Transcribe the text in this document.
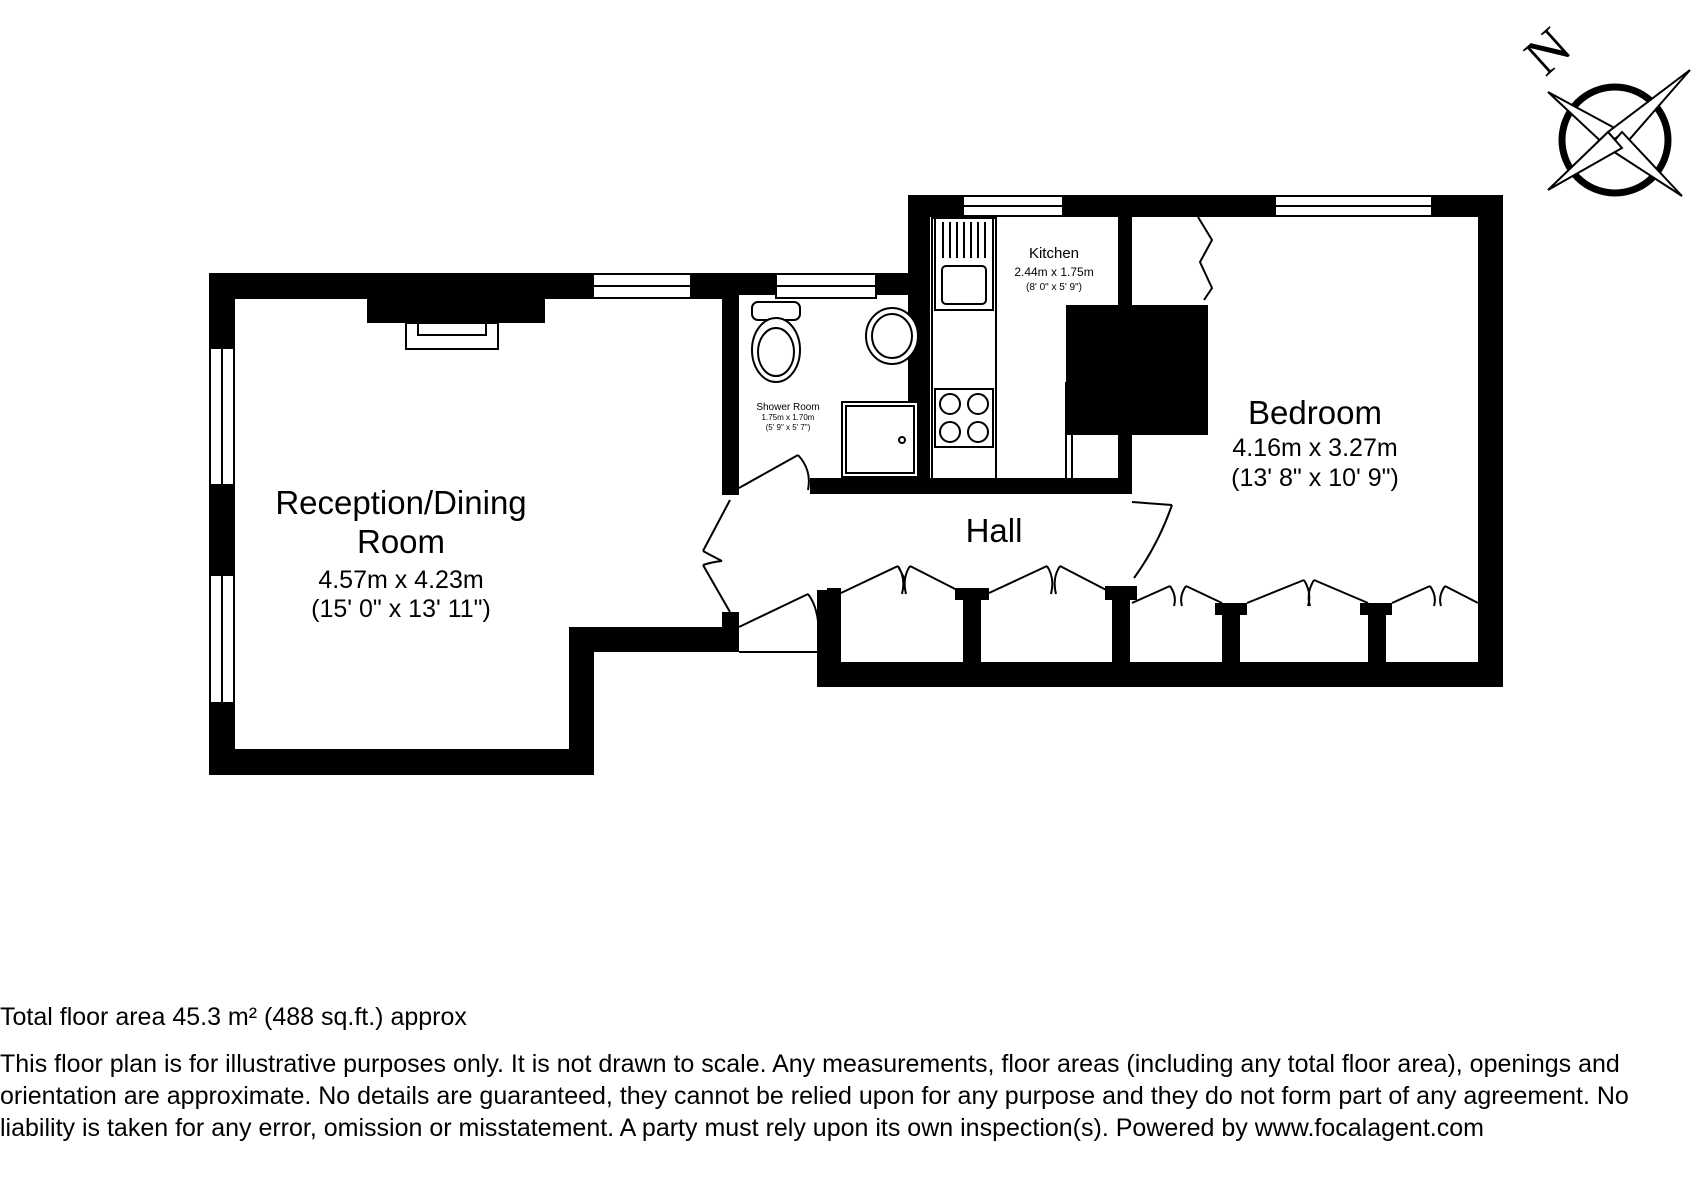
N
Reception/Dining
Room
4.57m x 4.23m
(15' 0" x 13' 11")
Shower Room
1.75m x 1.70m
(5' 9" x 5' 7")
Kitchen
2.44m x 1.75m
(8' 0" x 5' 9")
Bedroom
4.16m x 3.27m
(13' 8" x 10' 9")
Hall
Total floor area 45.3 m² (488 sq.ft.) approx
This floor plan is for illustrative purposes only. It is not drawn to scale. Any measurements, floor areas (including any total floor area), openings and orientation are approximate. No details are guaranteed, they cannot be relied upon for any purpose and they do not form part of any agreement. No liability is taken for any error, omission or misstatement. A party must rely upon its own inspection(s). Powered by www.focalagent.com
